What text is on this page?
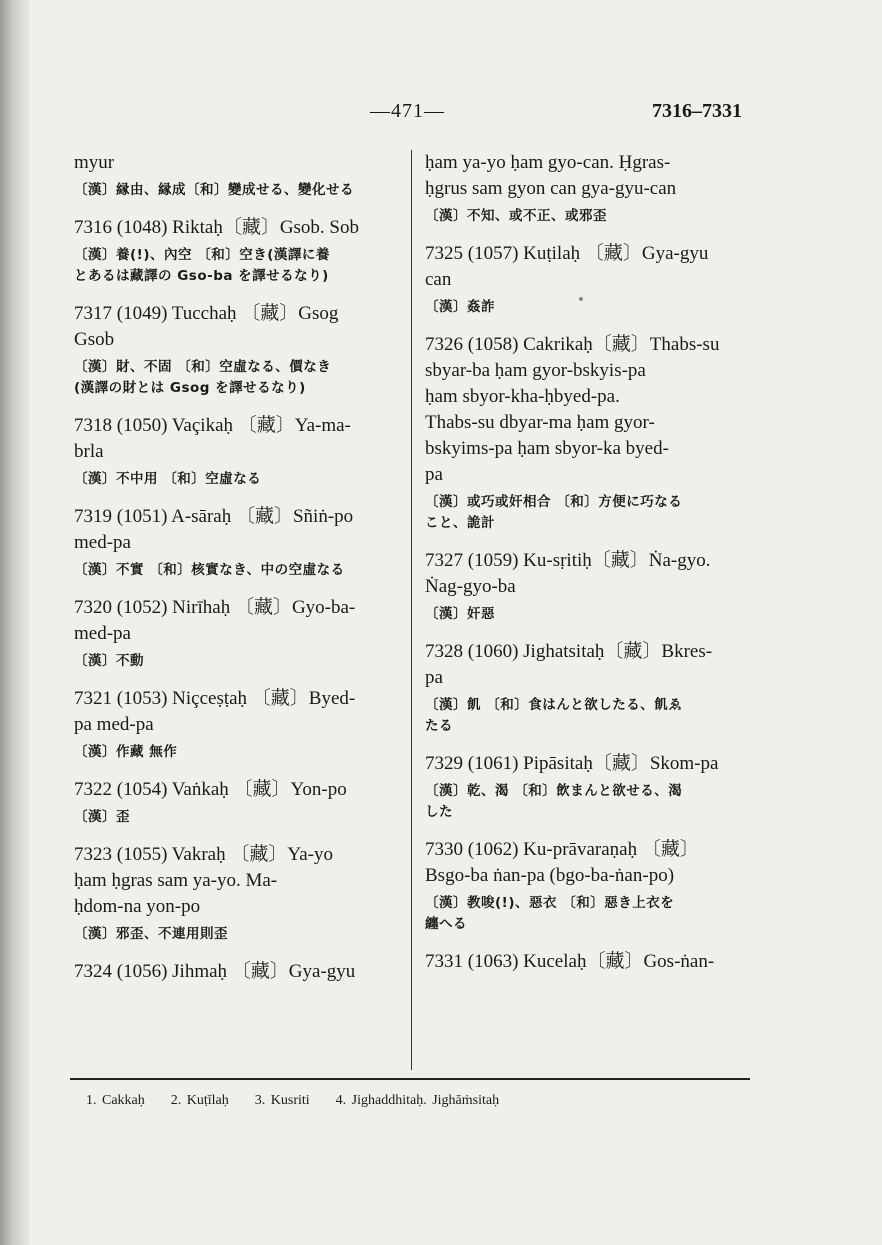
—471—	7316–7331
myur
〔漢〕縁由、縁成〔和〕變成せる、變化せる
7316 (1048) Riktaḥ〔藏〕Gsob. Sob
〔漢〕養(!)、內空 〔和〕空き(漢譯に養
とあるは藏譯の Gso-ba を譯せるなり)
7317 (1049) Tucchaḥ 〔藏〕Gsog
Gsob
〔漢〕財、不固 〔和〕空虛なる、價なき
(漢譯の財とは Gsog を譯せるなり)
7318 (1050) Vaçikaḥ 〔藏〕Ya-ma-
brla
〔漢〕不中用 〔和〕空虛なる
7319 (1051) A-sāraḥ 〔藏〕Sñiṅ-po
med-pa
〔漢〕不實 〔和〕核實なき、中の空虛なる
7320 (1052) Nirīhaḥ 〔藏〕Gyo-ba-
med-pa
〔漢〕不動
7321 (1053) Niçceṣṭaḥ 〔藏〕Byed-
pa med-pa
〔漢〕作藏 無作
7322 (1054) Vaṅkaḥ 〔藏〕Yon-po
〔漢〕歪
7323 (1055) Vakraḥ 〔藏〕Ya-yo
ḥam ḥgras sam ya-yo. Ma-
ḥdom-na yon-po
〔漢〕邪歪、不連用則歪
7324 (1056) Jihmaḥ 〔藏〕Gya-gyu
ḥam ya-yo ḥam gyo-can. Ḥgras-
ḥgrus sam gyon can gya-gyu-can
〔漢〕不知、或不正、或邪歪
7325 (1057) Kuṭilaḥ 〔藏〕Gya-gyu
can
〔漢〕姦詐
7326 (1058) Cakrikaḥ〔藏〕Thabs-su
sbyar-ba ḥam gyor-bskyis-pa
ḥam sbyor-kha-ḥbyed-pa.
Thabs-su dbyar-ma ḥam gyor-
bskyims-pa ḥam sbyor-ka byed-
pa
〔漢〕或巧或奸相合 〔和〕方便に巧なる
こと、詭計
7327 (1059) Ku-sṛitiḥ〔藏〕Ṅa-gyo.
Ṅag-gyo-ba
〔漢〕奸惡
7328 (1060) Jighatsitaḥ〔藏〕Bkres-
pa
〔漢〕飢 〔和〕食はんと欲したる、飢ゑ
たる
7329 (1061) Pipāsitaḥ〔藏〕Skom-pa
〔漢〕乾、渴 〔和〕飲まんと欲せる、渴
した
7330 (1062) Ku-prāvaraṇaḥ 〔藏〕
Bsgo-ba ṅan-pa (bgo-ba-ṅan-po)
〔漢〕教唆(!)、惡衣 〔和〕惡き上衣を
纏へる
7331 (1063) Kucelaḥ〔藏〕Gos-ṅan-
1. Cakkaḥ 2. Kuṭīlaḥ 3. Kusriti 4. Jighaddhitaḥ. Jighāṁsitaḥ
